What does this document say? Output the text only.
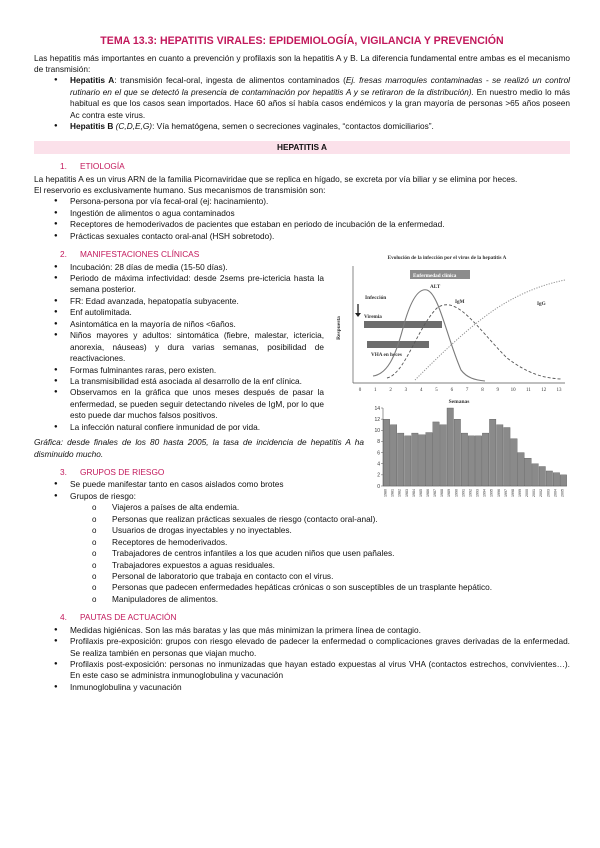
TEMA 13.3: HEPATITIS VIRALES: EPIDEMIOLOGÍA, VIGILANCIA Y PREVENCIÓN

Las hepatitis más importantes en cuanto a prevención y profilaxis son la hepatitis A y B. La diferencia fundamental entre ambas es el mecanismo de transmisión:

● Hepatitis A: transmisión fecal-oral, ingesta de alimentos contaminados (Ej. fresas marroquíes contaminadas - se realizó un control rutinario en el que se detectó la presencia de contaminación por hepatitis A y se retiraron de la distribución). En nuestro medio lo más habitual es que los casos sean importados. Hace 60 años sí había casos endémicos y la gran mayoría de personas >65 años poseen Ac contra este virus.
● Hepatitis B (C,D,E,G): Vía hematógena, semen o secreciones vaginales, “contactos domiciliarios”.
HEPATITIS A
1. ETIOLOGÍA

La hepatitis A es un virus ARN de la familia Picornaviridae que se replica en hígado, se excreta por vía biliar y se elimina por heces.

El reservorio es exclusivamente humano. Sus mecanismos de transmisión son:

● Persona-persona por vía fecal-oral (ej: hacinamiento).
● Ingestión de alimentos o agua contaminados
● Receptores de hemoderivados de pacientes que estaban en periodo de incubación de la enfermedad.
● Prácticas sexuales contacto oral-anal (HSH sobretodo).
2. MANIFESTACIONES CLÍNICAS
● Incubación: 28 días de media (15-50 días).
● Periodo de máxima infectividad: desde 2sems pre-ictericia hasta la semana posterior.
● FR: Edad avanzada, hepatopatía subyacente.
● Enf autolimitada.
● Asintomática en la mayoría de niños <6años.
● Niños mayores y adultos: sintomática (fiebre, malestar, ictericia, anorexia, náuseas) y dura varias semanas, posibilidad de reactivaciones.
● Formas fulminantes raras, pero existen.
● La transmisibilidad está asociada al desarrollo de la enf clínica.
● Observamos en la gráfica que unos meses después de pasar la enfermedad, se pueden seguir detectando niveles de IgM, por lo que esto puede dar muchos falsos positivos.
● La infección natural confiere inmunidad de por vida.

Gráfica: desde finales de los 80 hasta 2005, la tasa de incidencia de hepatitis A ha disminuido mucho.

3. GRUPOS DE RIESGO
● Se puede manifestar tanto en casos aislados como brotes
● Grupos de riesgo:
o Viajeros a países de alta endemia.
o Personas que realizan prácticas sexuales de riesgo (contacto oral-anal).
o Usuarios de drogas inyectables y no inyectables.
o Receptores de hemoderivados.
o Trabajadores de centros infantiles a los que acuden niños que usen pañales.
o Trabajadores expuestos a aguas residuales.
o Personal de laboratorio que trabaja en contacto con el virus.
o Personas que padecen enfermedades hepáticas crónicas o son susceptibles de un trasplante hepático.
o Manipuladores de alimentos.
4. PAUTAS DE ACTUACIÓN
● Medidas higiénicas. Son las más baratas y las que más minimizan la primera línea de contagio.
● Profilaxis pre-exposición: grupos con riesgo elevado de padecer la enfermedad o complicaciones graves derivadas de la enfermedad. Se realiza también en personas que viajan mucho.
● Profilaxis post-exposición: personas no inmunizadas que hayan estado expuestas al virus VHA (contactos estrechos, convivientes…). En este caso se administra inmunoglobulina y vacunación
● Inmunoglobulina y vacunación
Evolución de la infección por el virus de la hepatitis A
Respuesta
Semanas
0	1	2	3	4	5	6	7	8	9 10 11 12 13
Enfermedad clínica
Viremia
VHA en heces
Infección
ALT
IgM	IgG
0
2
4
6
8
10
12
14
1980 1981 1982 1983 1984 1985 1986 1987 1988 1989 1990 1991 1992 1993 1994 1995 1996 1997 1998 1999 2000 2001 2002 2003 2004 2005
